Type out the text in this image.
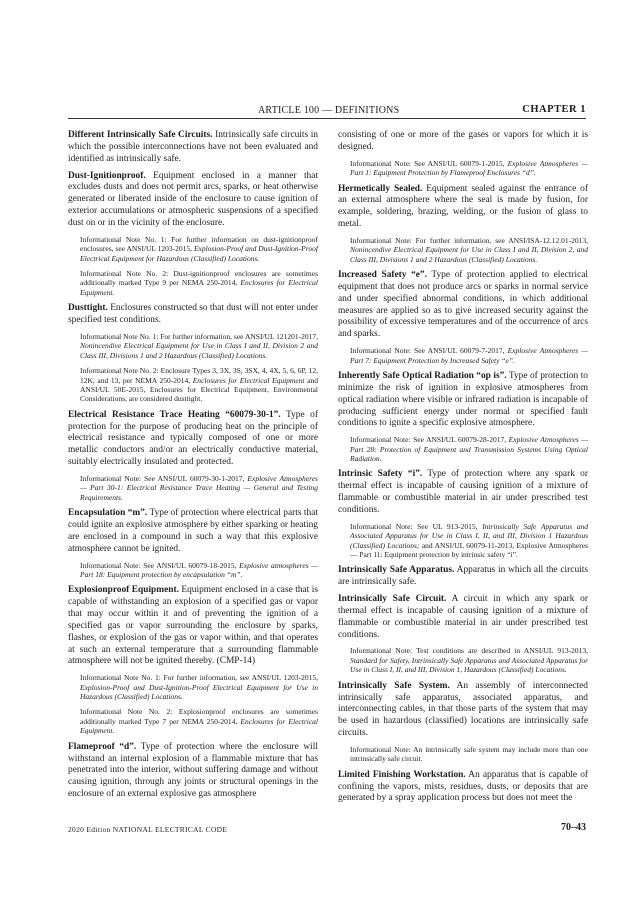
ARTICLE 100 — DEFINITIONS	CHAPTER 1

Different Intrinsically Safe Circuits. Intrinsically safe circuits in which the possible interconnections have not been evaluated and identified as intrinsically safe.

Dust-Ignitionproof. Equipment enclosed in a manner that excludes dusts and does not permit arcs, sparks, or heat otherwise generated or liberated inside of the enclosure to cause ignition of exterior accumulations or atmospheric suspensions of a specified dust on or in the vicinity of the enclosure.

Informational Note No. 1: For further information on dust-ignitionproof enclosures, see ANSI/UL 1203-2015, Explosion-Proof and Dust-Ignition-Proof Electrical Equipment for Hazardous (Classified) Locations.

Informational Note No. 2: Dust-ignitionproof enclosures are sometimes additionally marked Type 9 per NEMA 250-2014, Enclosures for Electrical Equipment.

Dusttight. Enclosures constructed so that dust will not enter under specified test conditions.

Informational Note No. 1: For further information, see ANSI/UL 121201-2017, Nonincendive Electrical Equipment for Use in Class I and II, Division 2 and Class III, Divisions 1 and 2 Hazardous (Classified) Locations.

Informational Note No. 2: Enclosure Types 3, 3X, 3S, 3SX, 4, 4X, 5, 6, 6P, 12, 12K, and 13, per NEMA 250-2014, Enclosures for Electrical Equipment and ANSI/UL 50E-2015, Enclosures for Electrical Equipment, Environmental Considerations, are considered dusttight.

Electrical Resistance Trace Heating “60079-30-1”. Type of protection for the purpose of producing heat on the principle of electrical resistance and typically composed of one or more metallic conductors and/or an electrically conductive material, suitably electrically insulated and protected.

Informational Note: See ANSI/UL 60079-30-1-2017, Explosive Atmospheres — Part 30-1: Electrical Resistance Trace Heating — General and Testing Requirements.

Encapsulation “m”. Type of protection where electrical parts that could ignite an explosive atmosphere by either sparking or heating are enclosed in a compound in such a way that this explosive atmosphere cannot be ignited.

Informational Note: See ANSI/UL 60079-18-2015, Explosive atmospheres — Part 18: Equipment protection by encapsulation “m”.

Explosionproof Equipment. Equipment enclosed in a case that is capable of withstanding an explosion of a specified gas or vapor that may occur within it and of preventing the ignition of a specified gas or vapor surrounding the enclosure by sparks, flashes, or explosion of the gas or vapor within, and that operates at such an external temperature that a surrounding flammable atmosphere will not be ignited thereby. (CMP-14)

Informational Note No. 1: For further information, see ANSI/UL 1203-2015, Explosion-Proof and Dust-Ignition-Proof Electrical Equipment for Use in Hazardous (Classified) Locations.

Informational Note No. 2: Explosionproof enclosures are sometimes additionally marked Type 7 per NEMA 250-2014, Enclosures for Electrical Equipment.

Flameproof “d”. Type of protection where the enclosure will withstand an internal explosion of a flammable mixture that has penetrated into the interior, without suffering damage and without causing ignition, through any joints or structural openings in the enclosure of an external explosive gas atmosphere

consisting of one or more of the gases or vapors for which it is designed.

Informational Note: See ANSI/UL 60079-1-2015, Explosive Atmospheres — Part 1: Equipment Protection by Flameproof Enclosures “d”.

Hermetically Sealed. Equipment sealed against the entrance of an external atmosphere where the seal is made by fusion, for example, soldering, brazing, welding, or the fusion of glass to metal.

Informational Note: For further information, see ANSI/ISA-12.12.01-2013, Nonincendive Electrical Equipment for Use in Class I and II, Division 2, and Class III, Divisions 1 and 2 Hazardous (Classified) Locations.

Increased Safety “e”. Type of protection applied to electrical equipment that does not produce arcs or sparks in normal service and under specified abnormal conditions, in which additional measures are applied so as to give increased security against the possibility of excessive temperatures and of the occurrence of arcs and sparks.

Informational Note: See ANSI/UL 60079-7-2017, Explosive Atmospheres — Part 7: Equipment Protection by Increased Safety “e”.

Inherently Safe Optical Radiation “op is”. Type of protection to minimize the risk of ignition in explosive atmospheres from optical radiation where visible or infrared radiation is incapable of producing sufficient energy under normal or specified fault conditions to ignite a specific explosive atmosphere.

Informational Note: See ANSI/UL 60079-28-2017, Explosive Atmospheres — Part 28: Protection of Equipment and Transmission Systems Using Optical Radiation.

Intrinsic Safety “i”. Type of protection where any spark or thermal effect is incapable of causing ignition of a mixture of flammable or combustible material in air under prescribed test conditions.

Informational Note: See UL 913-2015, Intrinsically Safe Apparatus and Associated Apparatus for Use in Class I, II, and III, Division 1 Hazardous (Classified) Locations; and ANSI/UL 60079-11-2013, Explosive Atmospheres — Part 11: Equipment protection by intrinsic safety “i”.

Intrinsically Safe Apparatus. Apparatus in which all the circuits are intrinsically safe.

Intrinsically Safe Circuit. A circuit in which any spark or thermal effect is incapable of causing ignition of a mixture of flammable or combustible material in air under prescribed test conditions.

Informational Note: Test conditions are described in ANSI/UL 913-2013, Standard for Safety, Intrinsically Safe Apparatus and Associated Apparatus for Use in Class I, II, and III, Division 1, Hazardous (Classified) Locations.

Intrinsically Safe System. An assembly of interconnected intrinsically safe apparatus, associated apparatus, and interconnecting cables, in that those parts of the system that may be used in hazardous (classified) locations are intrinsically safe circuits.

Informational Note: An intrinsically safe system may include more than one intrinsically safe circuit.

Limited Finishing Workstation. An apparatus that is capable of confining the vapors, mists, residues, dusts, or deposits that are generated by a spray application process but does not meet the

2020 Edition NATIONAL ELECTRICAL CODE	70–43
